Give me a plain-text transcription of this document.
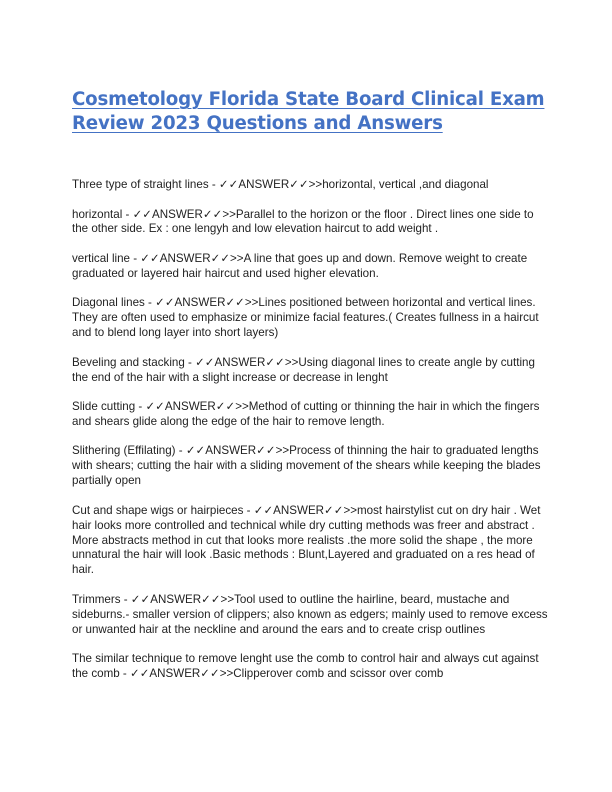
Cosmetology Florida State Board Clinical Exam Review 2023 Questions and Answers

Three type of straight lines - ✓✓ANSWER✓✓>>horizontal, vertical ,and diagonal

horizontal - ✓✓ANSWER✓✓>>Parallel to the horizon or the floor . Direct lines one side to the other side. Ex : one lengyh and low elevation haircut to add weight .

vertical line - ✓✓ANSWER✓✓>>A line that goes up and down. Remove weight to create graduated or layered hair haircut and used higher elevation.

Diagonal lines - ✓✓ANSWER✓✓>>Lines positioned between horizontal and vertical lines. They are often used to emphasize or minimize facial features.( Creates fullness in a haircut and to blend long layer into short layers)

Beveling and stacking - ✓✓ANSWER✓✓>>Using diagonal lines to create angle by cutting the end of the hair with a slight increase or decrease in lenght

Slide cutting - ✓✓ANSWER✓✓>>Method of cutting or thinning the hair in which the fingers and shears glide along the edge of the hair to remove length.

Slithering (Effilating) - ✓✓ANSWER✓✓>>Process of thinning the hair to graduated lengths with shears; cutting the hair with a sliding movement of the shears while keeping the blades partially open

Cut and shape wigs or hairpieces - ✓✓ANSWER✓✓>>most hairstylist cut on dry hair . Wet hair looks more controlled and technical while dry cutting methods was freer and abstract . More abstracts method in cut that looks more realists .the more solid the shape , the more unnatural the hair will look .Basic methods : Blunt,Layered and graduated on a res head of hair.

Trimmers - ✓✓ANSWER✓✓>>Tool used to outline the hairline, beard, mustache and sideburns.- smaller version of clippers; also known as edgers; mainly used to remove excess or unwanted hair at the neckline and around the ears and to create crisp outlines

The similar technique to remove lenght use the comb to control hair and always cut against the comb - ✓✓ANSWER✓✓>>Clipperover comb and scissor over comb
